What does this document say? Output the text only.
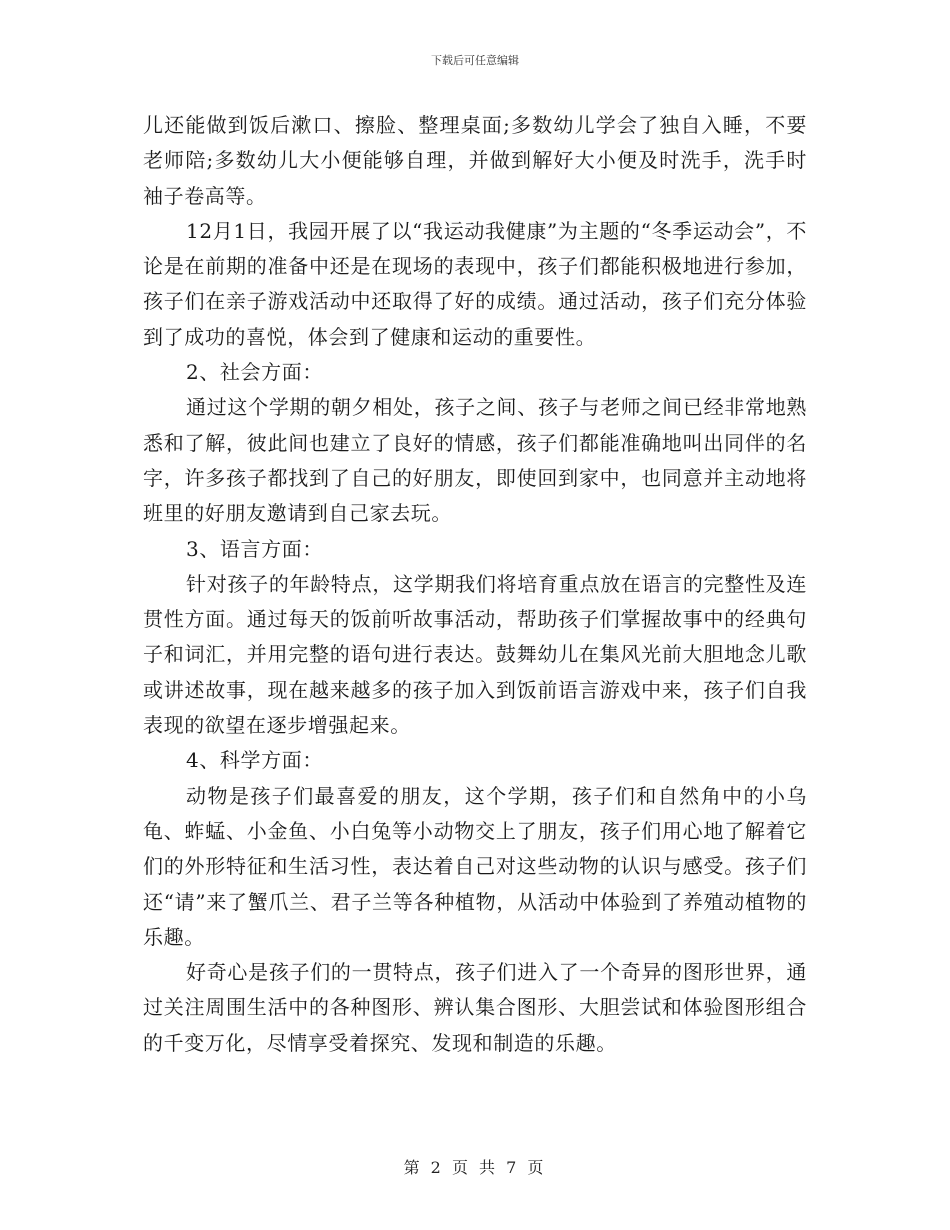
下载后可任意编辑

儿还能做到饭后漱口、擦脸、整理桌面;多数幼儿学会了独自入睡，不要老师陪;多数幼儿大小便能够自理，并做到解好大小便及时洗手，洗手时袖子卷高等。

12月1日，我园开展了以“我运动我健康”为主题的“冬季运动会”，不论是在前期的准备中还是在现场的表现中，孩子们都能积极地进行参加，孩子们在亲子游戏活动中还取得了好的成绩。通过活动，孩子们充分体验到了成功的喜悦，体会到了健康和运动的重要性。

2、社会方面：

通过这个学期的朝夕相处，孩子之间、孩子与老师之间已经非常地熟悉和了解，彼此间也建立了良好的情感，孩子们都能准确地叫出同伴的名字，许多孩子都找到了自己的好朋友，即使回到家中，也同意并主动地将班里的好朋友邀请到自己家去玩。

3、语言方面：

针对孩子的年龄特点，这学期我们将培育重点放在语言的完整性及连贯性方面。通过每天的饭前听故事活动，帮助孩子们掌握故事中的经典句子和词汇，并用完整的语句进行表达。鼓舞幼儿在集风光前大胆地念儿歌或讲述故事，现在越来越多的孩子加入到饭前语言游戏中来，孩子们自我表现的欲望在逐步增强起来。

4、科学方面：

动物是孩子们最喜爱的朋友，这个学期，孩子们和自然角中的小乌龟、蚱蜢、小金鱼、小白兔等小动物交上了朋友，孩子们用心地了解着它们的外形特征和生活习性，表达着自己对这些动物的认识与感受。孩子们还“请”来了蟹爪兰、君子兰等各种植物，从活动中体验到了养殖动植物的乐趣。

好奇心是孩子们的一贯特点，孩子们进入了一个奇异的图形世界，通过关注周围生活中的各种图形、辨认集合图形、大胆尝试和体验图形组合的千变万化，尽情享受着探究、发现和制造的乐趣。

第 2 页 共 7 页
